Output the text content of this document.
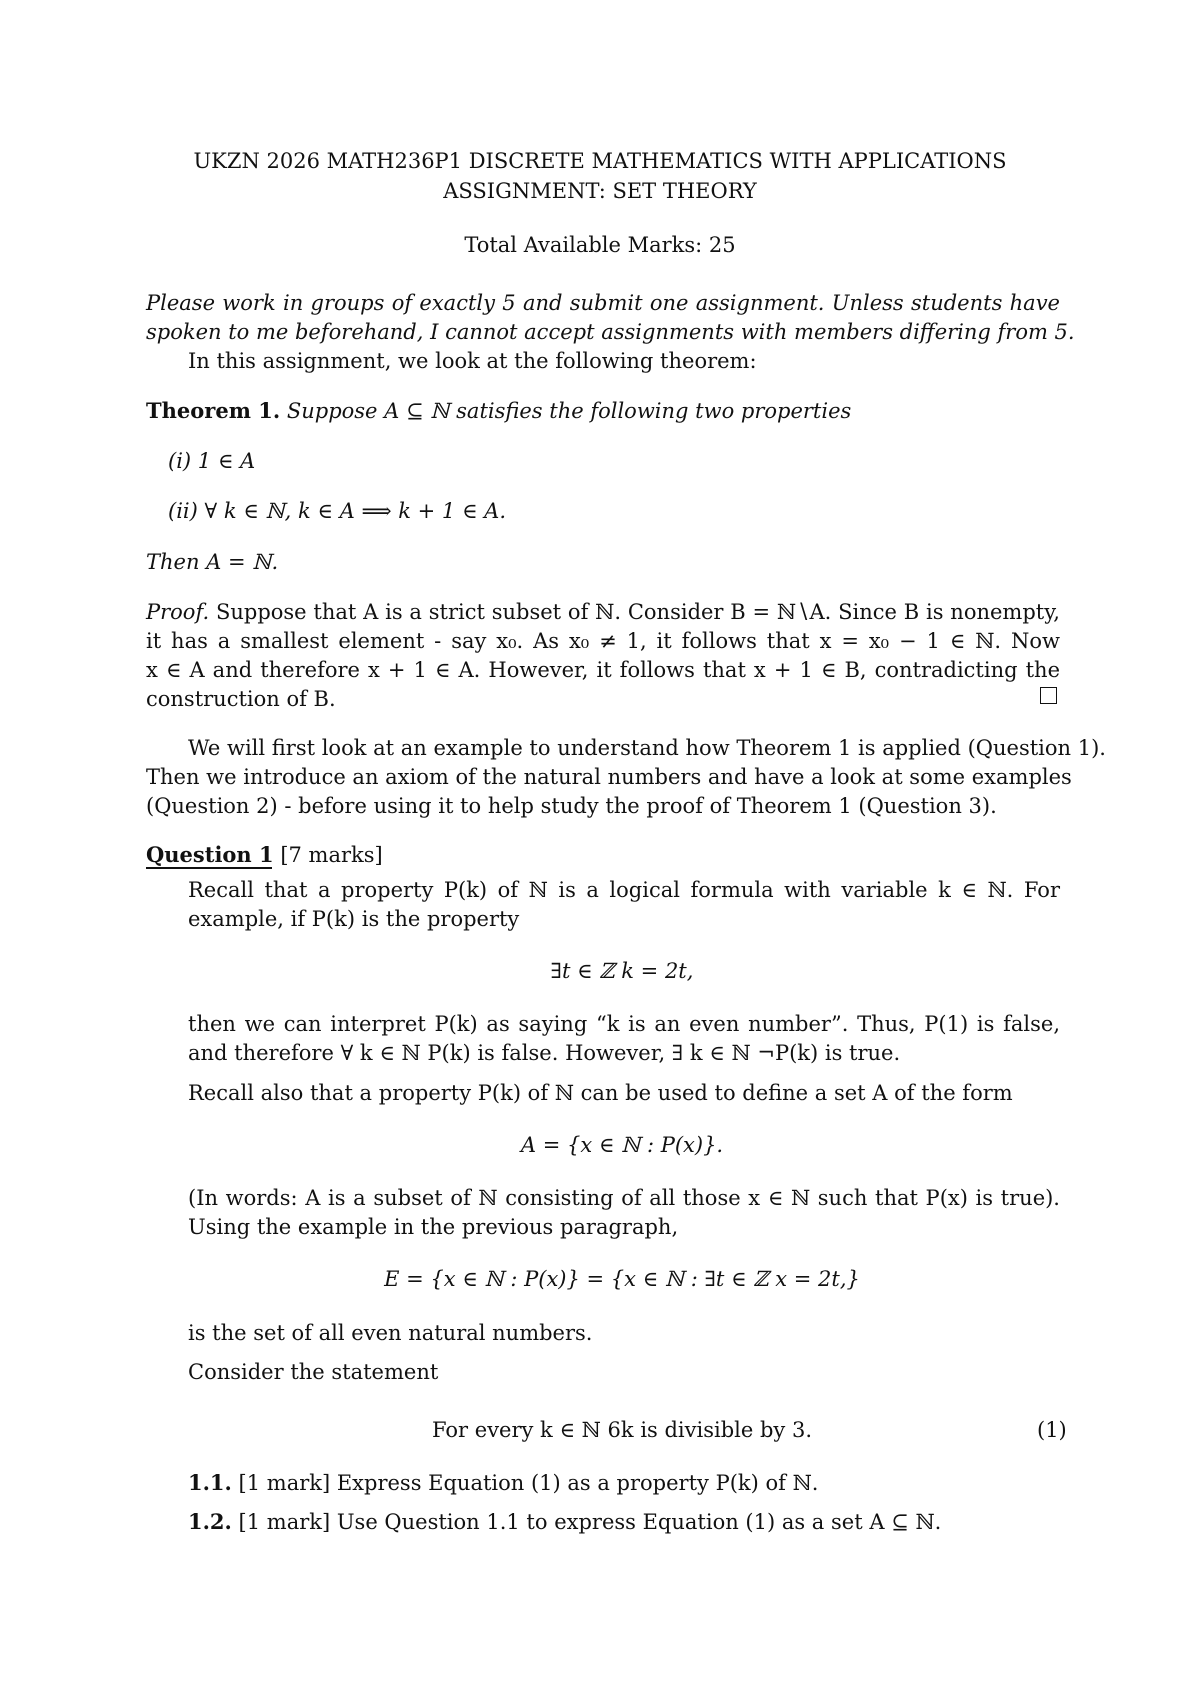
UKZN 2026 MATH236P1 DISCRETE MATHEMATICS WITH APPLICATIONS
ASSIGNMENT: SET THEORY
Total Available Marks: 25
Please work in groups of exactly 5 and submit one assignment. Unless students have
spoken to me beforehand, I cannot accept assignments with members differing from 5.
In this assignment, we look at the following theorem:
Theorem 1. Suppose A ⊆ ℕ satisfies the following two properties
(i) 1 ∈ A
(ii) ∀ k ∈ ℕ, k ∈ A ⟹ k + 1 ∈ A.
Then A = ℕ.
Proof. Suppose that A is a strict subset of ℕ. Consider B = ℕ∖A. Since B is nonempty,
it has a smallest element - say x₀. As x₀ ≠ 1, it follows that x = x₀ − 1 ∈ ℕ. Now
x ∈ A and therefore x + 1 ∈ A. However, it follows that x + 1 ∈ B, contradicting the
construction of B.
We will first look at an example to understand how Theorem 1 is applied (Question 1).
Then we introduce an axiom of the natural numbers and have a look at some examples
(Question 2) - before using it to help study the proof of Theorem 1 (Question 3).
Question 1 [7 marks]
Recall that a property P(k) of ℕ is a logical formula with variable k ∈ ℕ. For
example, if P(k) is the property
∃t ∈ ℤ k = 2t,
then we can interpret P(k) as saying “k is an even number”. Thus, P(1) is false,
and therefore ∀ k ∈ ℕ P(k) is false. However, ∃ k ∈ ℕ ¬P(k) is true.
Recall also that a property P(k) of ℕ can be used to define a set A of the form
A = {x ∈ ℕ : P(x)}.
(In words: A is a subset of ℕ consisting of all those x ∈ ℕ such that P(x) is true).
Using the example in the previous paragraph,
E = {x ∈ ℕ : P(x)} = {x ∈ ℕ : ∃t ∈ ℤ x = 2t,}
is the set of all even natural numbers.
Consider the statement
For every k ∈ ℕ 6k is divisible by 3.	(1)
1.1. [1 mark] Express Equation (1) as a property P(k) of ℕ.
1.2. [1 mark] Use Question 1.1 to express Equation (1) as a set A ⊆ ℕ.
